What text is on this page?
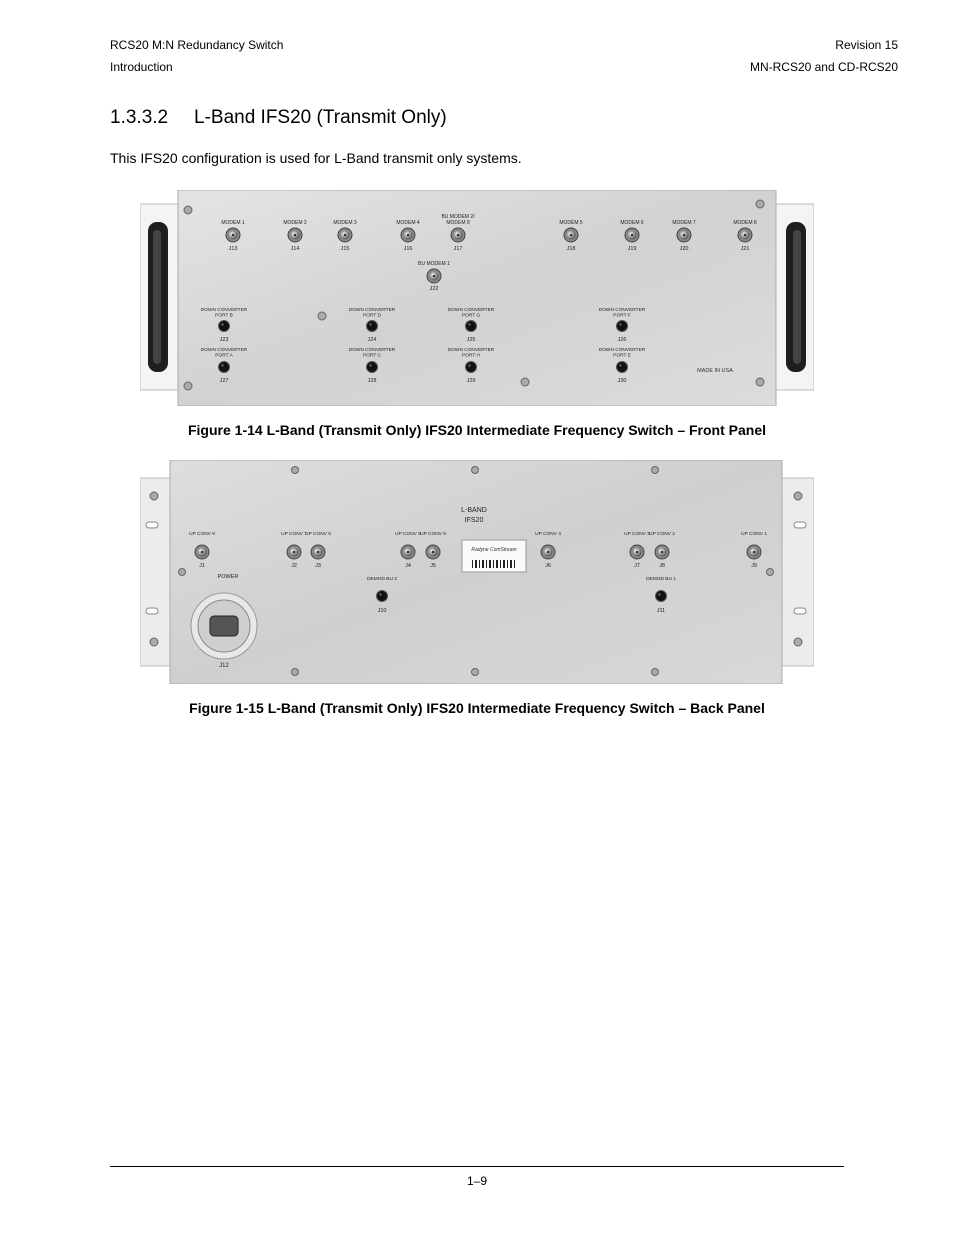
RCS20 M:N Redundancy Switch
Introduction
Revision 15
MN-RCS20 and CD-RCS20
1.3.3.2 L-Band IFS20 (Transmit Only)
This IFS20 configuration is used for L-Band transmit only systems.
MODEM 1
J13
MODEM 2
J14
MODEM 3
J15
MODEM 4
J16
BU MODEM 2/
MODEM 9
J17
MODEM 5
J18
MODEM 6
J19
MODEM 7
J20
MODEM 8
J21
BU MODEM 1
J22
DOWN CONVERTER
PORT B
J23
DOWN CONVERTER
PORT D
J24
DOWN CONVERTER
PORT G
J25
DOWN CONVERTER
PORT F
J26
DOWN CONVERTER
PORT A
J27
DOWN CONVERTER
PORT C
J28
DOWN CONVERTER
PORT H
J29
DOWN CONVERTER
PORT E
J30
MADE IN USA
Figure 1-14 L-Band (Transmit Only) IFS20 Intermediate Frequency Switch – Front Panel
L-BAND
IFS20
Radyne ComStream
UP CONV 8
J1
UP CONV 7
J2
UP CONV 6
J3
UP CONV 5
J4
UP CONV 9
J5
UP CONV 4
J6
UP CONV 3
J7
UP CONV 2
J8
UP CONV 1
J9
DEMOD BU 2
J10
DEMOD BU 1
J11
POWER
J12
Figure 1-15 L-Band (Transmit Only) IFS20 Intermediate Frequency Switch – Back Panel
1–9
